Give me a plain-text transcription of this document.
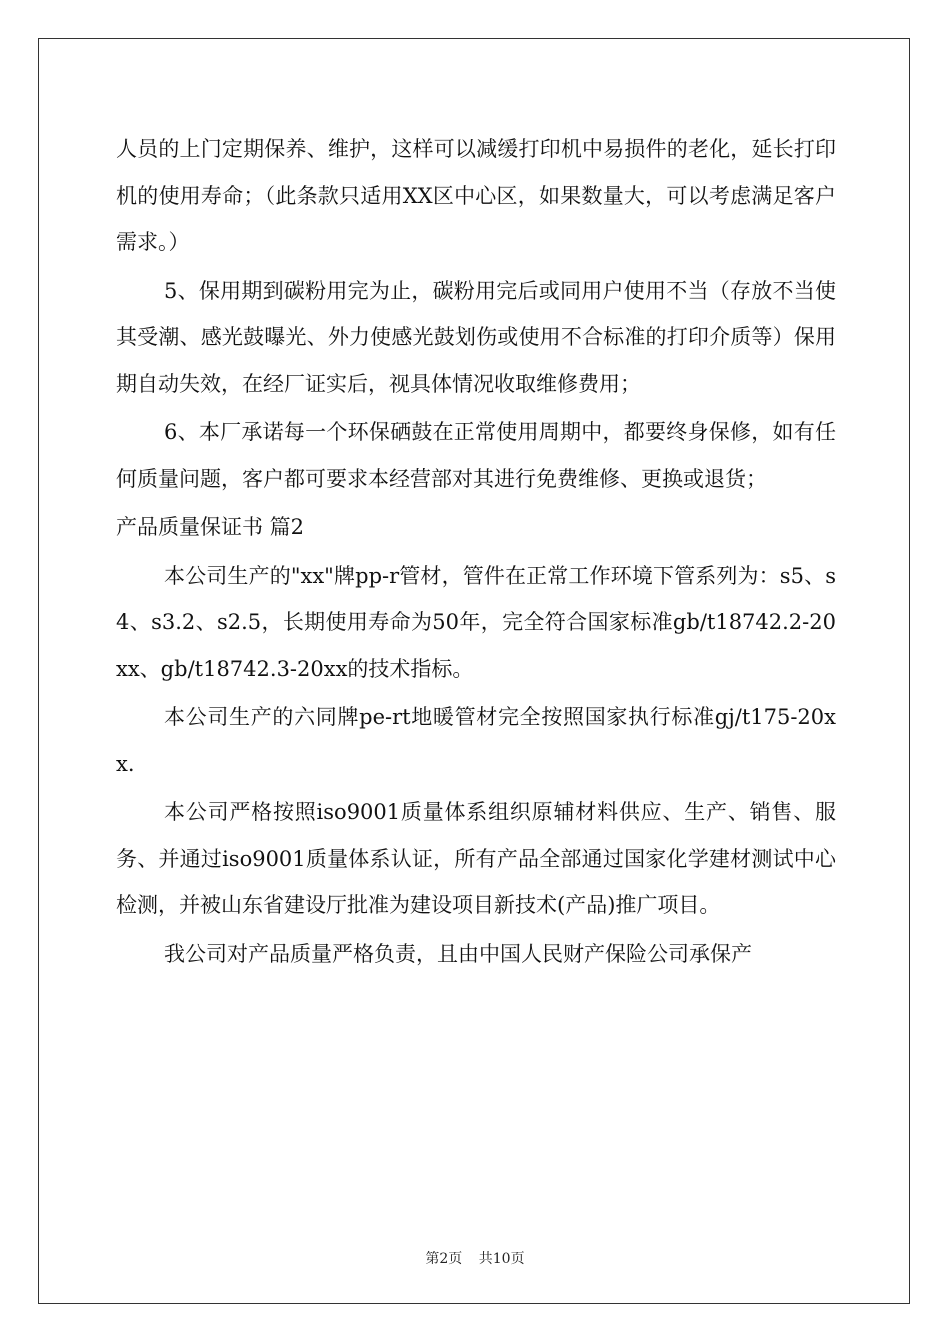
人员的上门定期保养、维护，这样可以减缓打印机中易损件的老化，延长打印机的使用寿命；（此条款只适用XX区中心区，如果数量大，可以考虑满足客户需求。）

5、保用期到碳粉用完为止，碳粉用完后或同用户使用不当（存放不当使其受潮、感光鼓曝光、外力使感光鼓划伤或使用不合标准的打印介质等）保用期自动失效，在经厂证实后，视具体情况收取维修费用；

6、本厂承诺每一个环保硒鼓在正常使用周期中，都要终身保修，如有任何质量问题，客户都可要求本经营部对其进行免费维修、更换或退货；

产品质量保证书 篇2

本公司生产的"xx"牌pp-r管材，管件在正常工作环境下管系列为：s5、s4、s3.2、s2.5，长期使用寿命为50年，完全符合国家标准gb/t18742.2-20xx、gb/t18742.3-20xx的技术指标。

本公司生产的六同牌pe-rt地暖管材完全按照国家执行标准gj/t175-20xx.

本公司严格按照iso9001质量体系组织原辅材料供应、生产、销售、服务、并通过iso9001质量体系认证，所有产品全部通过国家化学建材测试中心检测，并被山东省建设厅批准为建设项目新技术(产品)推广项目。

我公司对产品质量严格负责，且由中国人民财产保险公司承保产

第2页 共10页
